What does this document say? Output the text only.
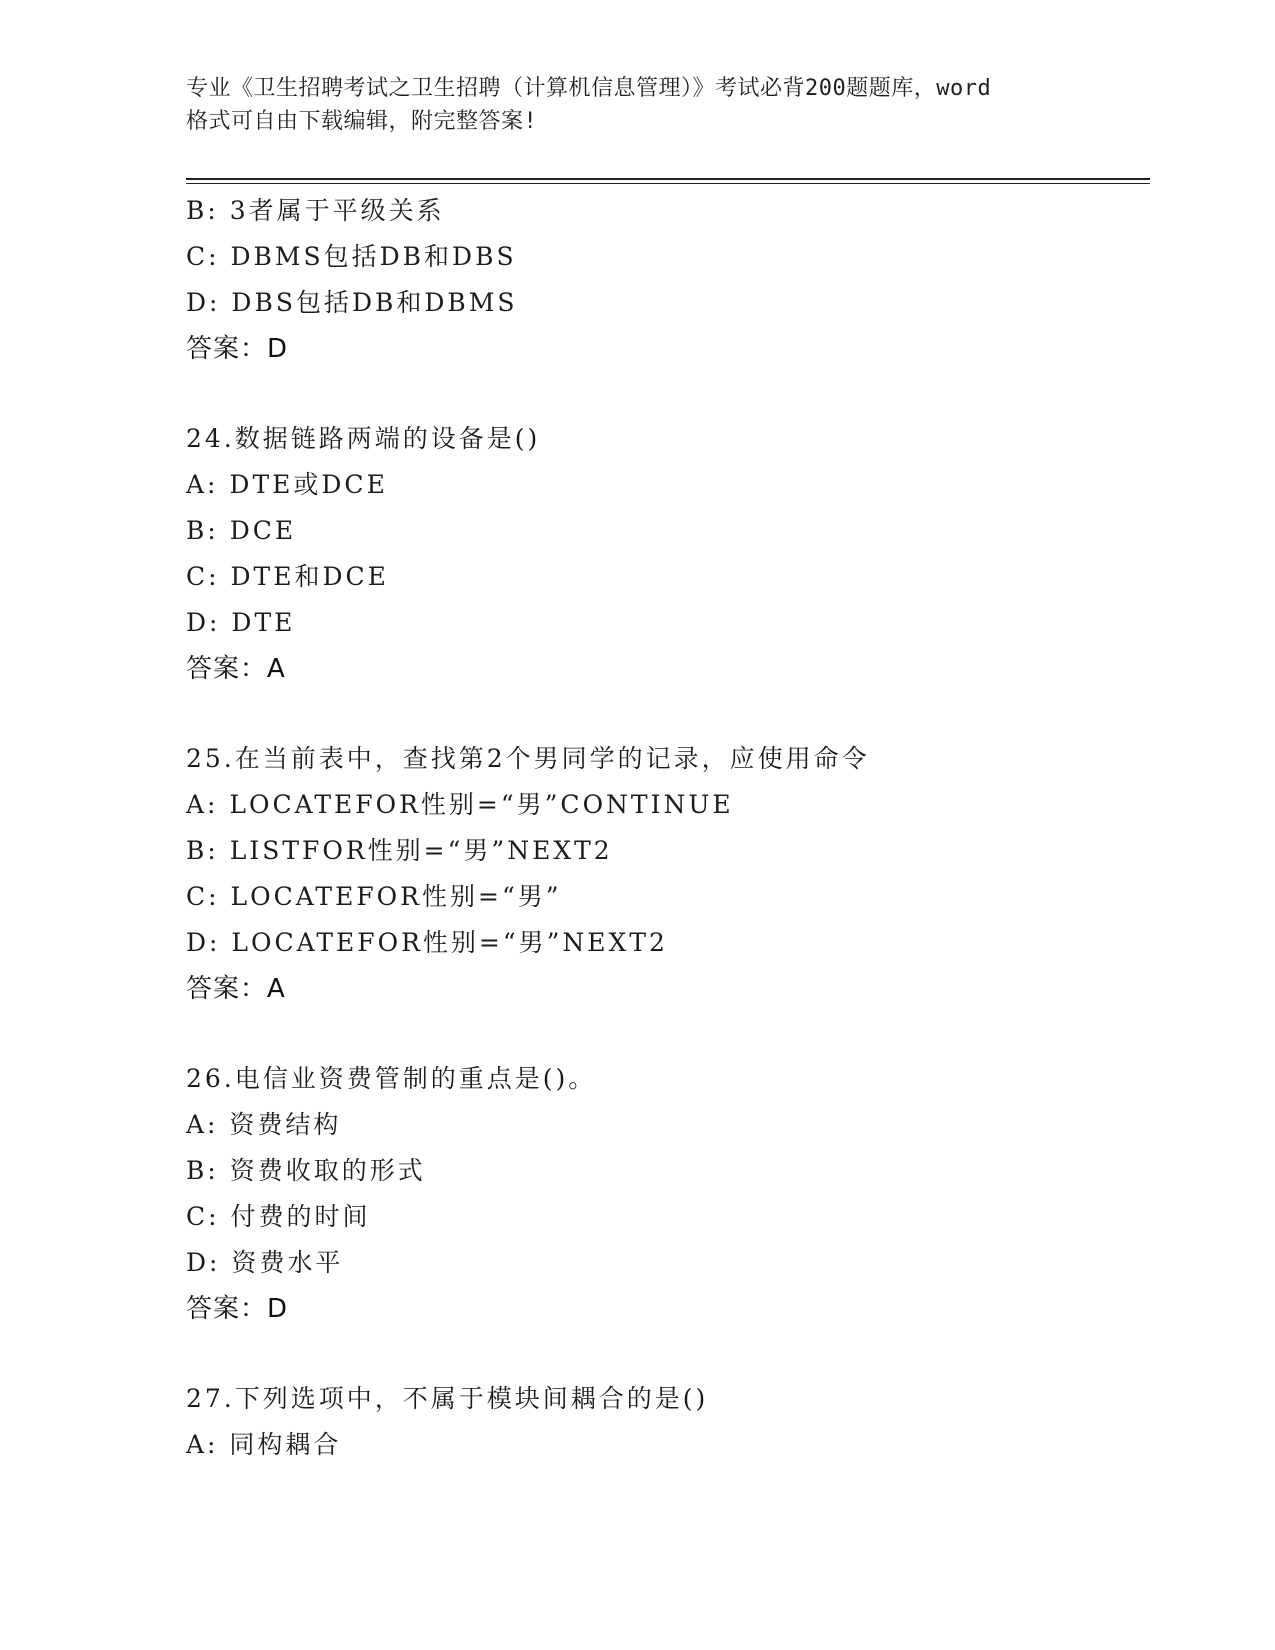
专业《卫生招聘考试之卫生招聘（计算机信息管理）》考试必背200题题库，word
格式可自由下载编辑，附完整答案!
B: 3者属于平级关系
C: DBMS包括DB和DBS
D: DBS包括DB和DBMS
答案：D
24.数据链路两端的设备是()
A: DTE或DCE
B: DCE
C: DTE和DCE
D: DTE
答案：A
25.在当前表中，查找第2个男同学的记录，应使用命令
A: LOCATEFOR性别=“男”CONTINUE
B: LISTFOR性别=“男”NEXT2
C: LOCATEFOR性别=“男”
D: LOCATEFOR性别=“男”NEXT2
答案：A
26.电信业资费管制的重点是()。
A: 资费结构
B: 资费收取的形式
C: 付费的时间
D: 资费水平
答案：D
27.下列选项中，不属于模块间耦合的是()
A: 同构耦合
